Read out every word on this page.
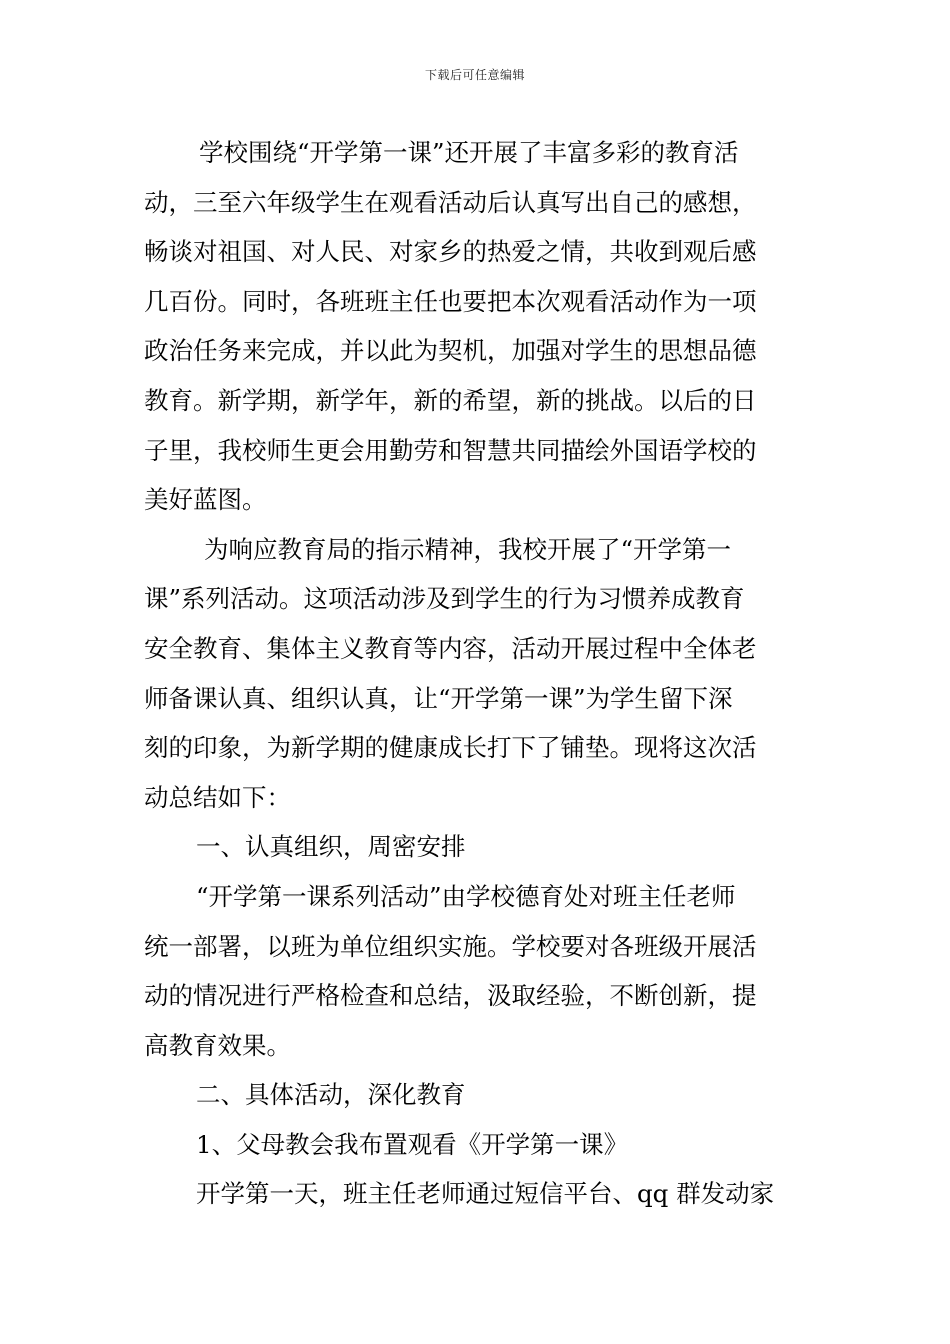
下载后可任意编辑
学校围绕“开学第一课”还开展了丰富多彩的教育活
动，三至六年级学生在观看活动后认真写出自己的感想，
畅谈对祖国、对人民、对家乡的热爱之情，共收到观后感
几百份。同时，各班班主任也要把本次观看活动作为一项
政治任务来完成，并以此为契机，加强对学生的思想品德
教育。新学期，新学年，新的希望，新的挑战。以后的日
子里，我校师生更会用勤劳和智慧共同描绘外国语学校的
美好蓝图。
为响应教育局的指示精神，我校开展了“开学第一
课”系列活动。这项活动涉及到学生的行为习惯养成教育
安全教育、集体主义教育等内容，活动开展过程中全体老
师备课认真、组织认真，让“开学第一课”为学生留下深
刻的印象，为新学期的健康成长打下了铺垫。现将这次活
动总结如下：
一、认真组织，周密安排
“开学第一课系列活动”由学校德育处对班主任老师
统一部署，以班为单位组织实施。学校要对各班级开展活
动的情况进行严格检查和总结，汲取经验，不断创新，提
高教育效果。
二、具体活动，深化教育
1、父母教会我布置观看《开学第一课》
开学第一天，班主任老师通过短信平台、qq 群发动家
